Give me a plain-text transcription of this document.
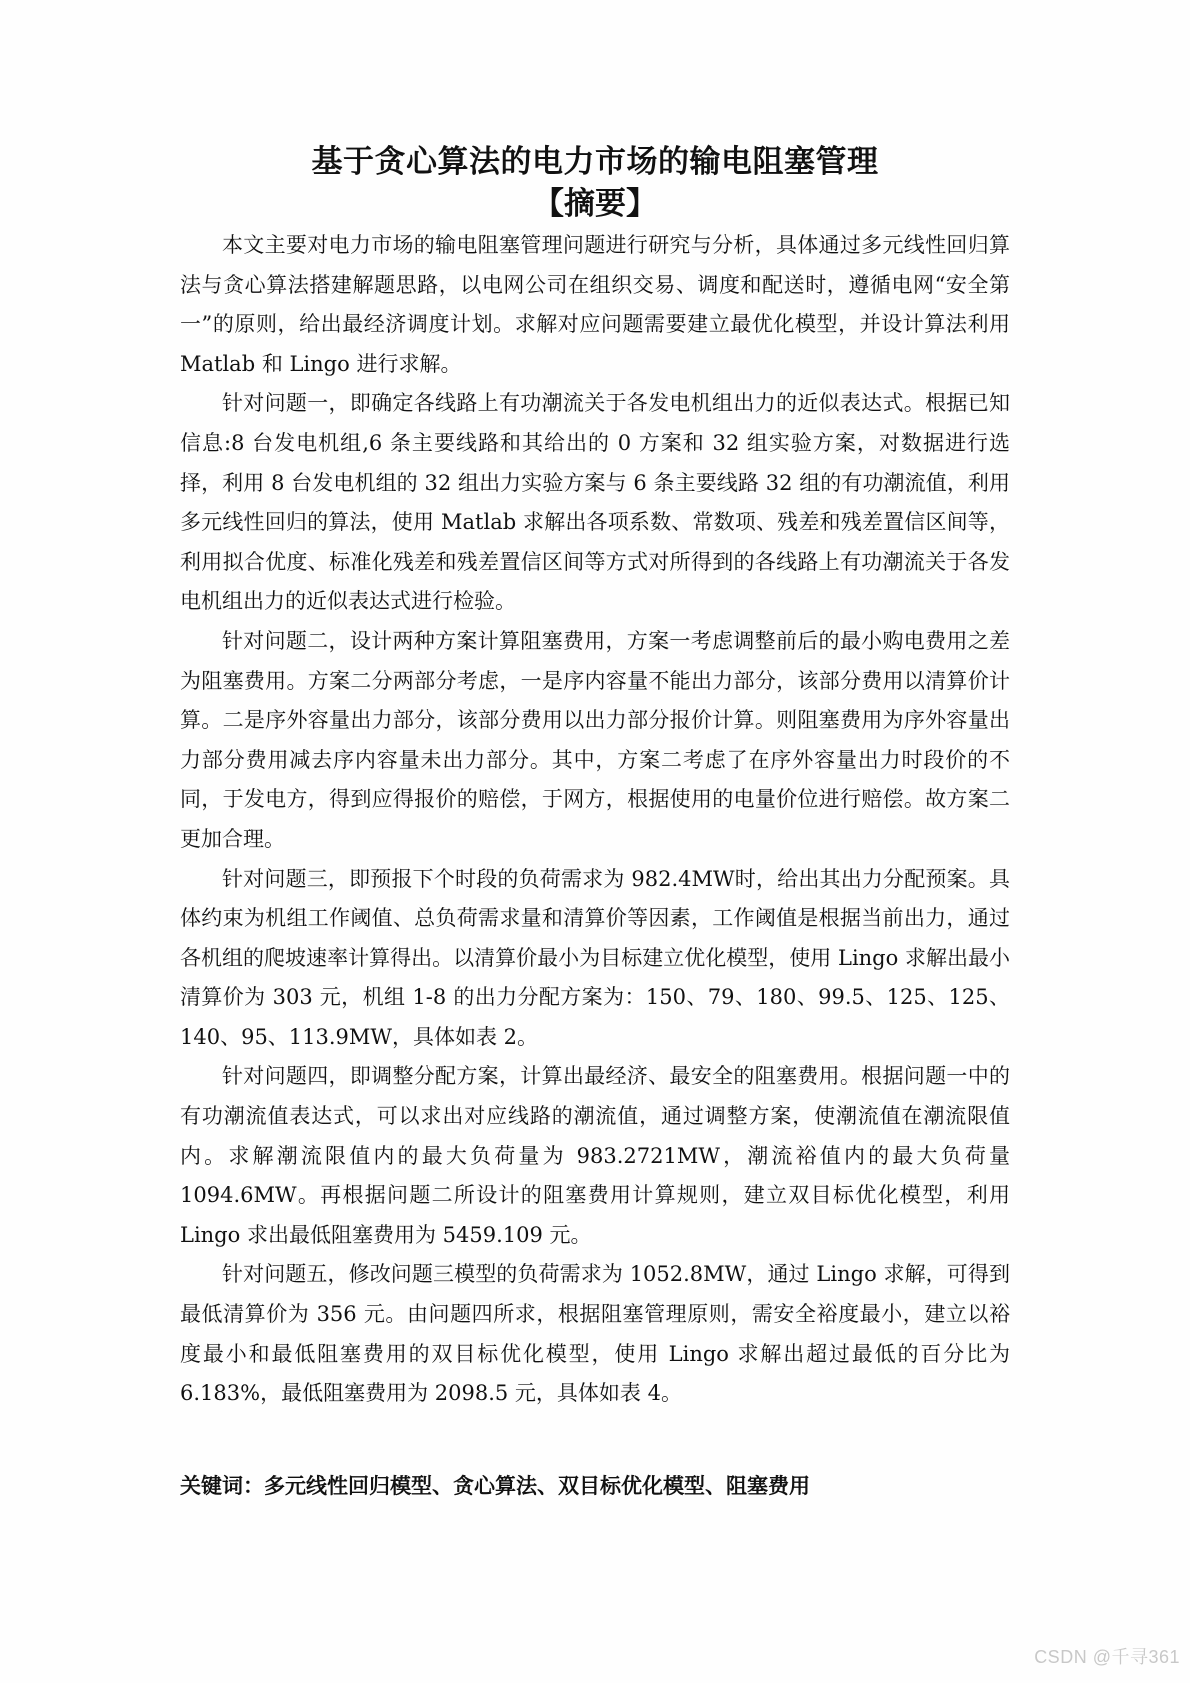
基于贪心算法的电力市场的输电阻塞管理
【摘要】

本文主要对电力市场的输电阻塞管理问题进行研究与分析，具体通过多元线性回归算法与贪心算法搭建解题思路，以电网公司在组织交易、调度和配送时，遵循电网“安全第一”的原则，给出最经济调度计划。求解对应问题需要建立最优化模型，并设计算法利用 Matlab 和 Lingo 进行求解。

针对问题一，即确定各线路上有功潮流关于各发电机组出力的近似表达式。根据已知信息:8 台发电机组,6 条主要线路和其给出的 0 方案和 32 组实验方案，对数据进行选择，利用 8 台发电机组的 32 组出力实验方案与 6 条主要线路 32 组的有功潮流值，利用多元线性回归的算法，使用 Matlab 求解出各项系数、常数项、残差和残差置信区间等，利用拟合优度、标准化残差和残差置信区间等方式对所得到的各线路上有功潮流关于各发电机组出力的近似表达式进行检验。

针对问题二，设计两种方案计算阻塞费用，方案一考虑调整前后的最小购电费用之差为阻塞费用。方案二分两部分考虑，一是序内容量不能出力部分，该部分费用以清算价计算。二是序外容量出力部分，该部分费用以出力部分报价计算。则阻塞费用为序外容量出力部分费用减去序内容量未出力部分。其中，方案二考虑了在序外容量出力时段价的不同，于发电方，得到应得报价的赔偿，于网方，根据使用的电量价位进行赔偿。故方案二更加合理。

针对问题三，即预报下个时段的负荷需求为 982.4MW时，给出其出力分配预案。具体约束为机组工作阈值、总负荷需求量和清算价等因素，工作阈值是根据当前出力，通过各机组的爬坡速率计算得出。以清算价最小为目标建立优化模型，使用 Lingo 求解出最小清算价为 303 元，机组 1-8 的出力分配方案为：150、79、180、99.5、125、125、140、95、113.9MW，具体如表 2。

针对问题四，即调整分配方案，计算出最经济、最安全的阻塞费用。根据问题一中的有功潮流值表达式，可以求出对应线路的潮流值，通过调整方案，使潮流值在潮流限值内。求解潮流限值内的最大负荷量为 983.2721MW，潮流裕值内的最大负荷量 1094.6MW。再根据问题二所设计的阻塞费用计算规则，建立双目标优化模型，利用 Lingo 求出最低阻塞费用为 5459.109 元。

针对问题五，修改问题三模型的负荷需求为 1052.8MW，通过 Lingo 求解，可得到最低清算价为 356 元。由问题四所求，根据阻塞管理原则，需安全裕度最小，建立以裕度最小和最低阻塞费用的双目标优化模型，使用 Lingo 求解出超过最低的百分比为 6.183%，最低阻塞费用为 2098.5 元，具体如表 4。

关键词：多元线性回归模型、贪心算法、双目标优化模型、阻塞费用
CSDN @千寻361
